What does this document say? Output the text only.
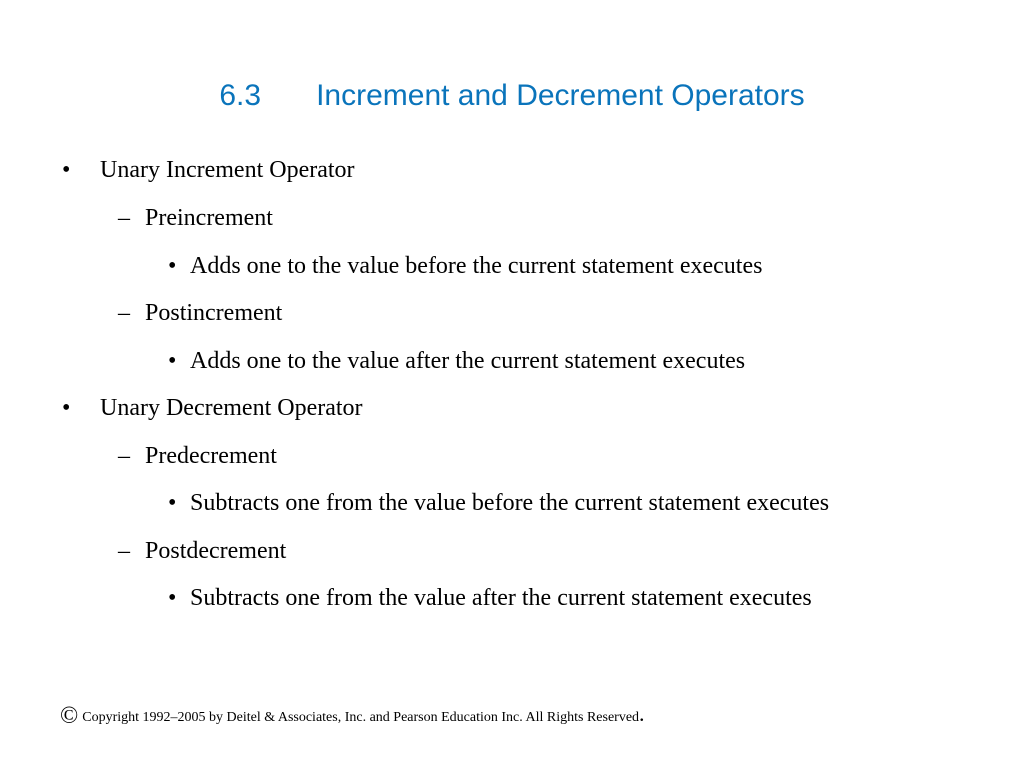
6.3 Increment and Decrement Operators
• Unary Increment Operator
– Preincrement
• Adds one to the value before the current statement executes
– Postincrement
• Adds one to the value after the current statement executes
• Unary Decrement Operator
– Predecrement
• Subtracts one from the value before the current statement executes
– Postdecrement
• Subtracts one from the value after the current statement executes
© Copyright 1992–2005 by Deitel & Associates, Inc. and Pearson Education Inc. All Rights Reserved.
